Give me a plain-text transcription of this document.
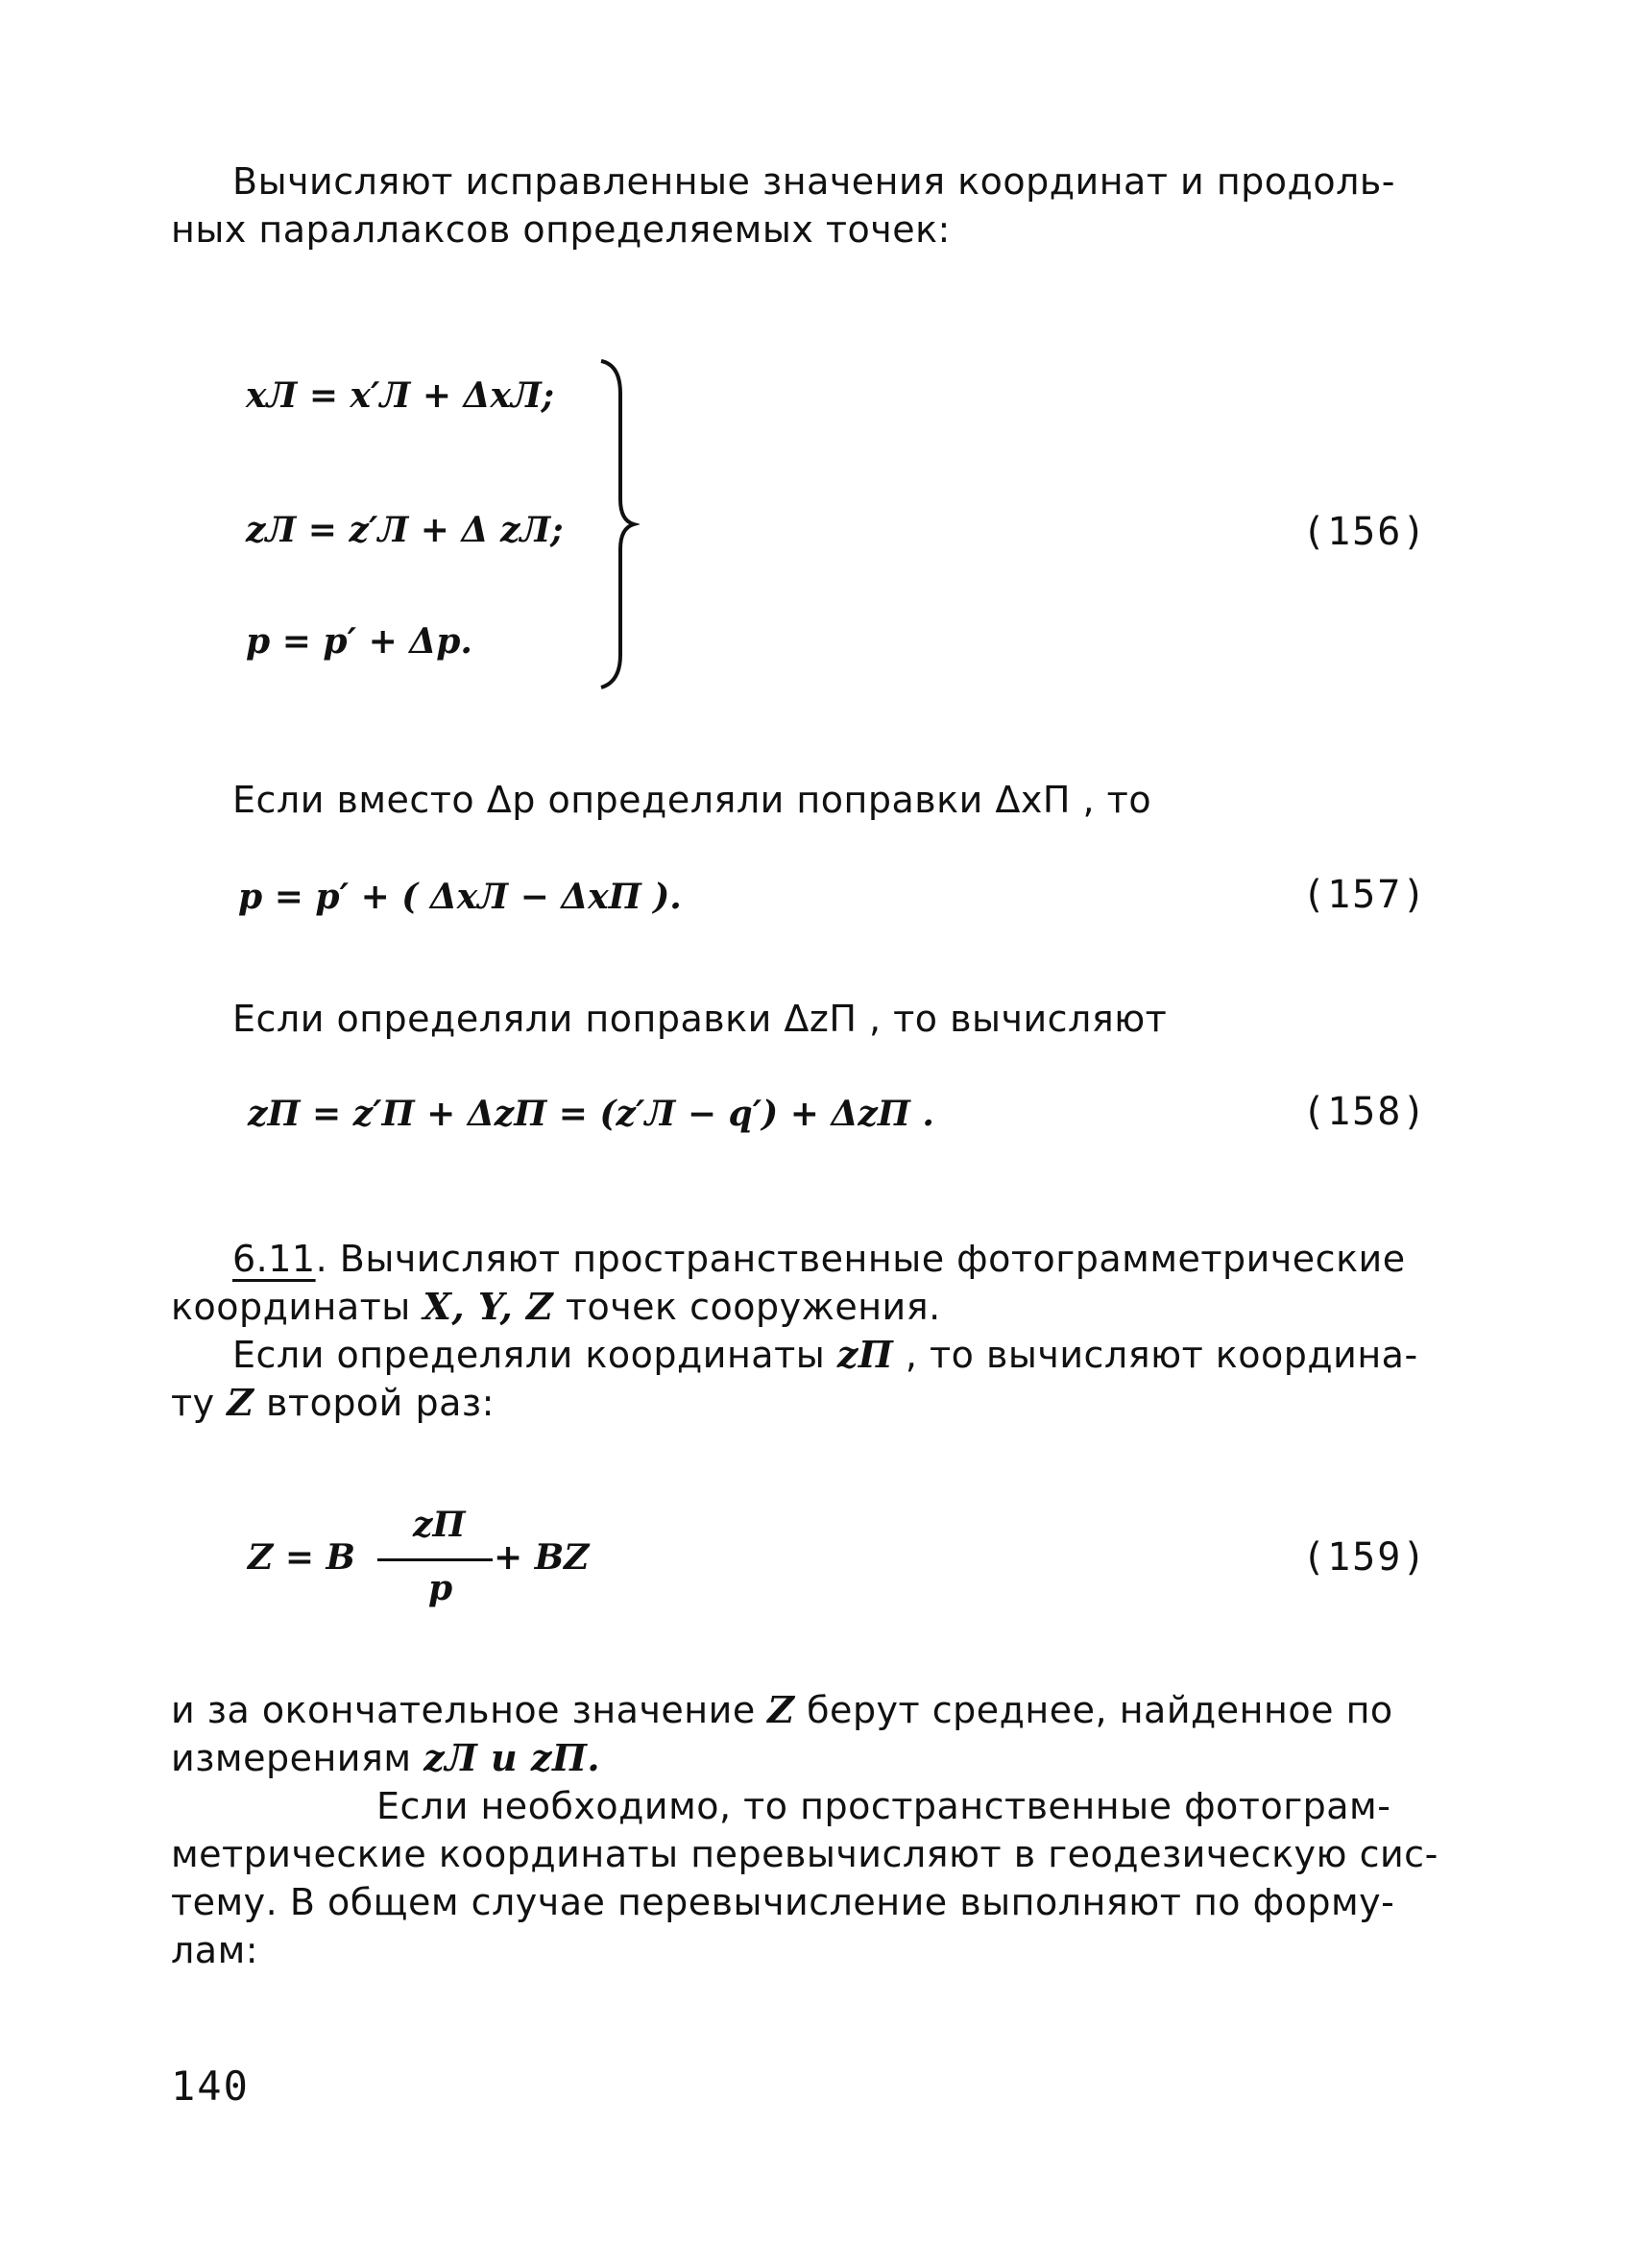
Вычисляют исправленные значения координат и продоль-
ных параллаксов определяемых точек:
xЛ = x′Л + ΔxЛ;
zЛ = z′Л + Δ zЛ;
p = p′ + Δp.
(156)
Если вместо Δp определяли поправки ΔxП , то
p = p′ + ( ΔxЛ − ΔxП ).	(157)
Если определяли поправки ΔzП , то вычисляют
zП = z′П + ΔzП = (z′Л − q′) + ΔzП .	(158)
6.11. Вычисляют пространственные фотограмметрические
координаты X, Y, Z точек сооружения.
Если определяли координаты zП , то вычисляют координа-
ту Z второй раз:
Z = B
zП
p
+ BZ	(159)
и за окончательное значение Z берут среднее, найденное по
измерениям zЛ и zП.
Если необходимо, то пространственные фотограм-
метрические координаты перевычисляют в геодезическую сис-
тему. В общем случае перевычисление выполняют по форму-
лам:
140
